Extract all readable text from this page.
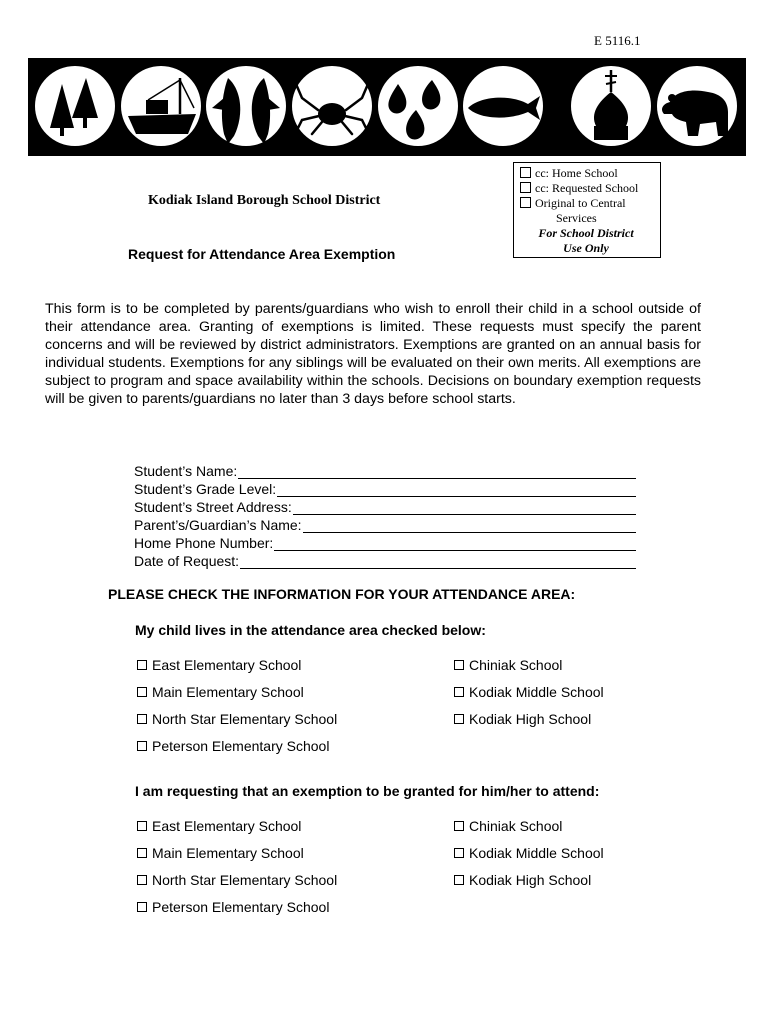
E 5116.1
cc: Home School
cc: Requested School
Original to Central
Services
For School District
Use Only
Kodiak Island Borough School District
Request for Attendance Area Exemption
This form is to be completed by parents/guardians who wish to enroll their child in a school outside of their attendance area. Granting of exemptions is limited. These requests must specify the parent concerns and will be reviewed by district administrators. Exemptions are granted on an annual basis for individual students. Exemptions for any siblings will be evaluated on their own merits. All exemptions are subject to program and space availability within the schools. Decisions on boundary exemption requests will be given to parents/guardians no later than 3 days before school starts.
Student’s Name:
Student’s Grade Level:
Student’s Street Address:
Parent’s/Guardian’s Name:
Home Phone Number:
Date of Request:
PLEASE CHECK THE INFORMATION FOR YOUR ATTENDANCE AREA:
My child lives in the attendance area checked below:
East Elementary School
Main Elementary School
North Star Elementary School
Peterson Elementary School
Chiniak School
Kodiak Middle School
Kodiak High School
I am requesting that an exemption to be granted for him/her to attend:
East Elementary School
Main Elementary School
North Star Elementary School
Peterson Elementary School
Chiniak School
Kodiak Middle School
Kodiak High School
